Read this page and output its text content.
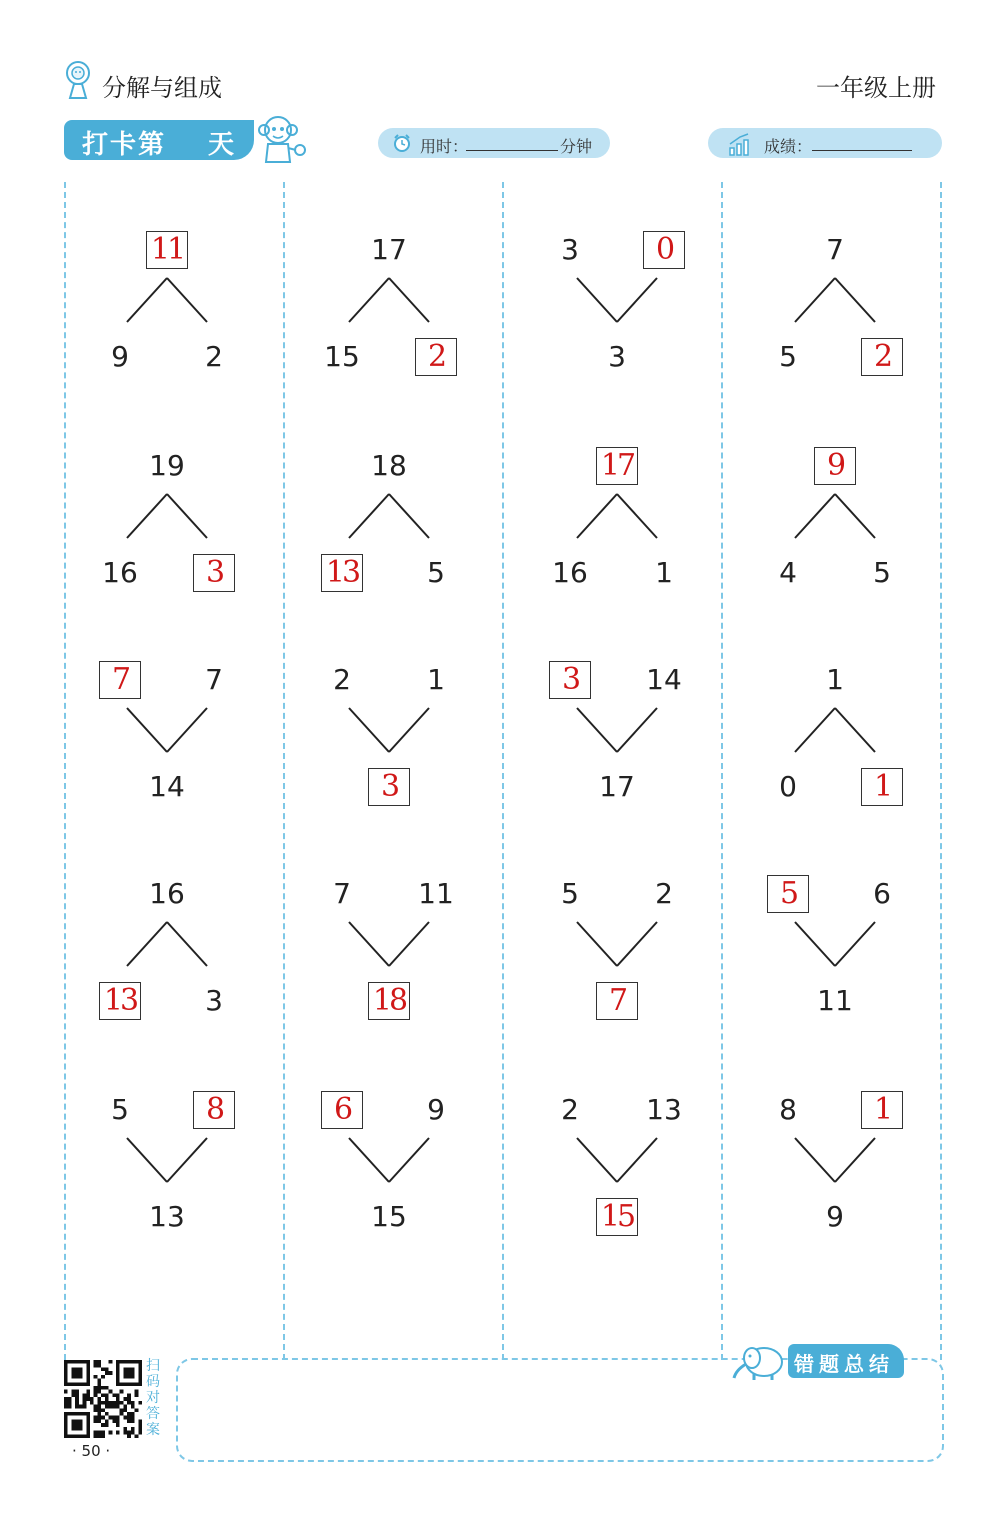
分解与组成	一年级上册
打卡第 天	用时：	分钟	成绩：
11
9	2
19
16	3
7	7
14
16
13	3
5	8
13
17
15	2
18
13	5
2	1
3
7	11
18
6	9
15
3	0
3
17
16	1
3	14
17
5	2
7
2	13
15
7
5	2
9
4	5
1
0	1
5	6
11
8	1
9
错题总结
扫码对答案
· 50 ·
